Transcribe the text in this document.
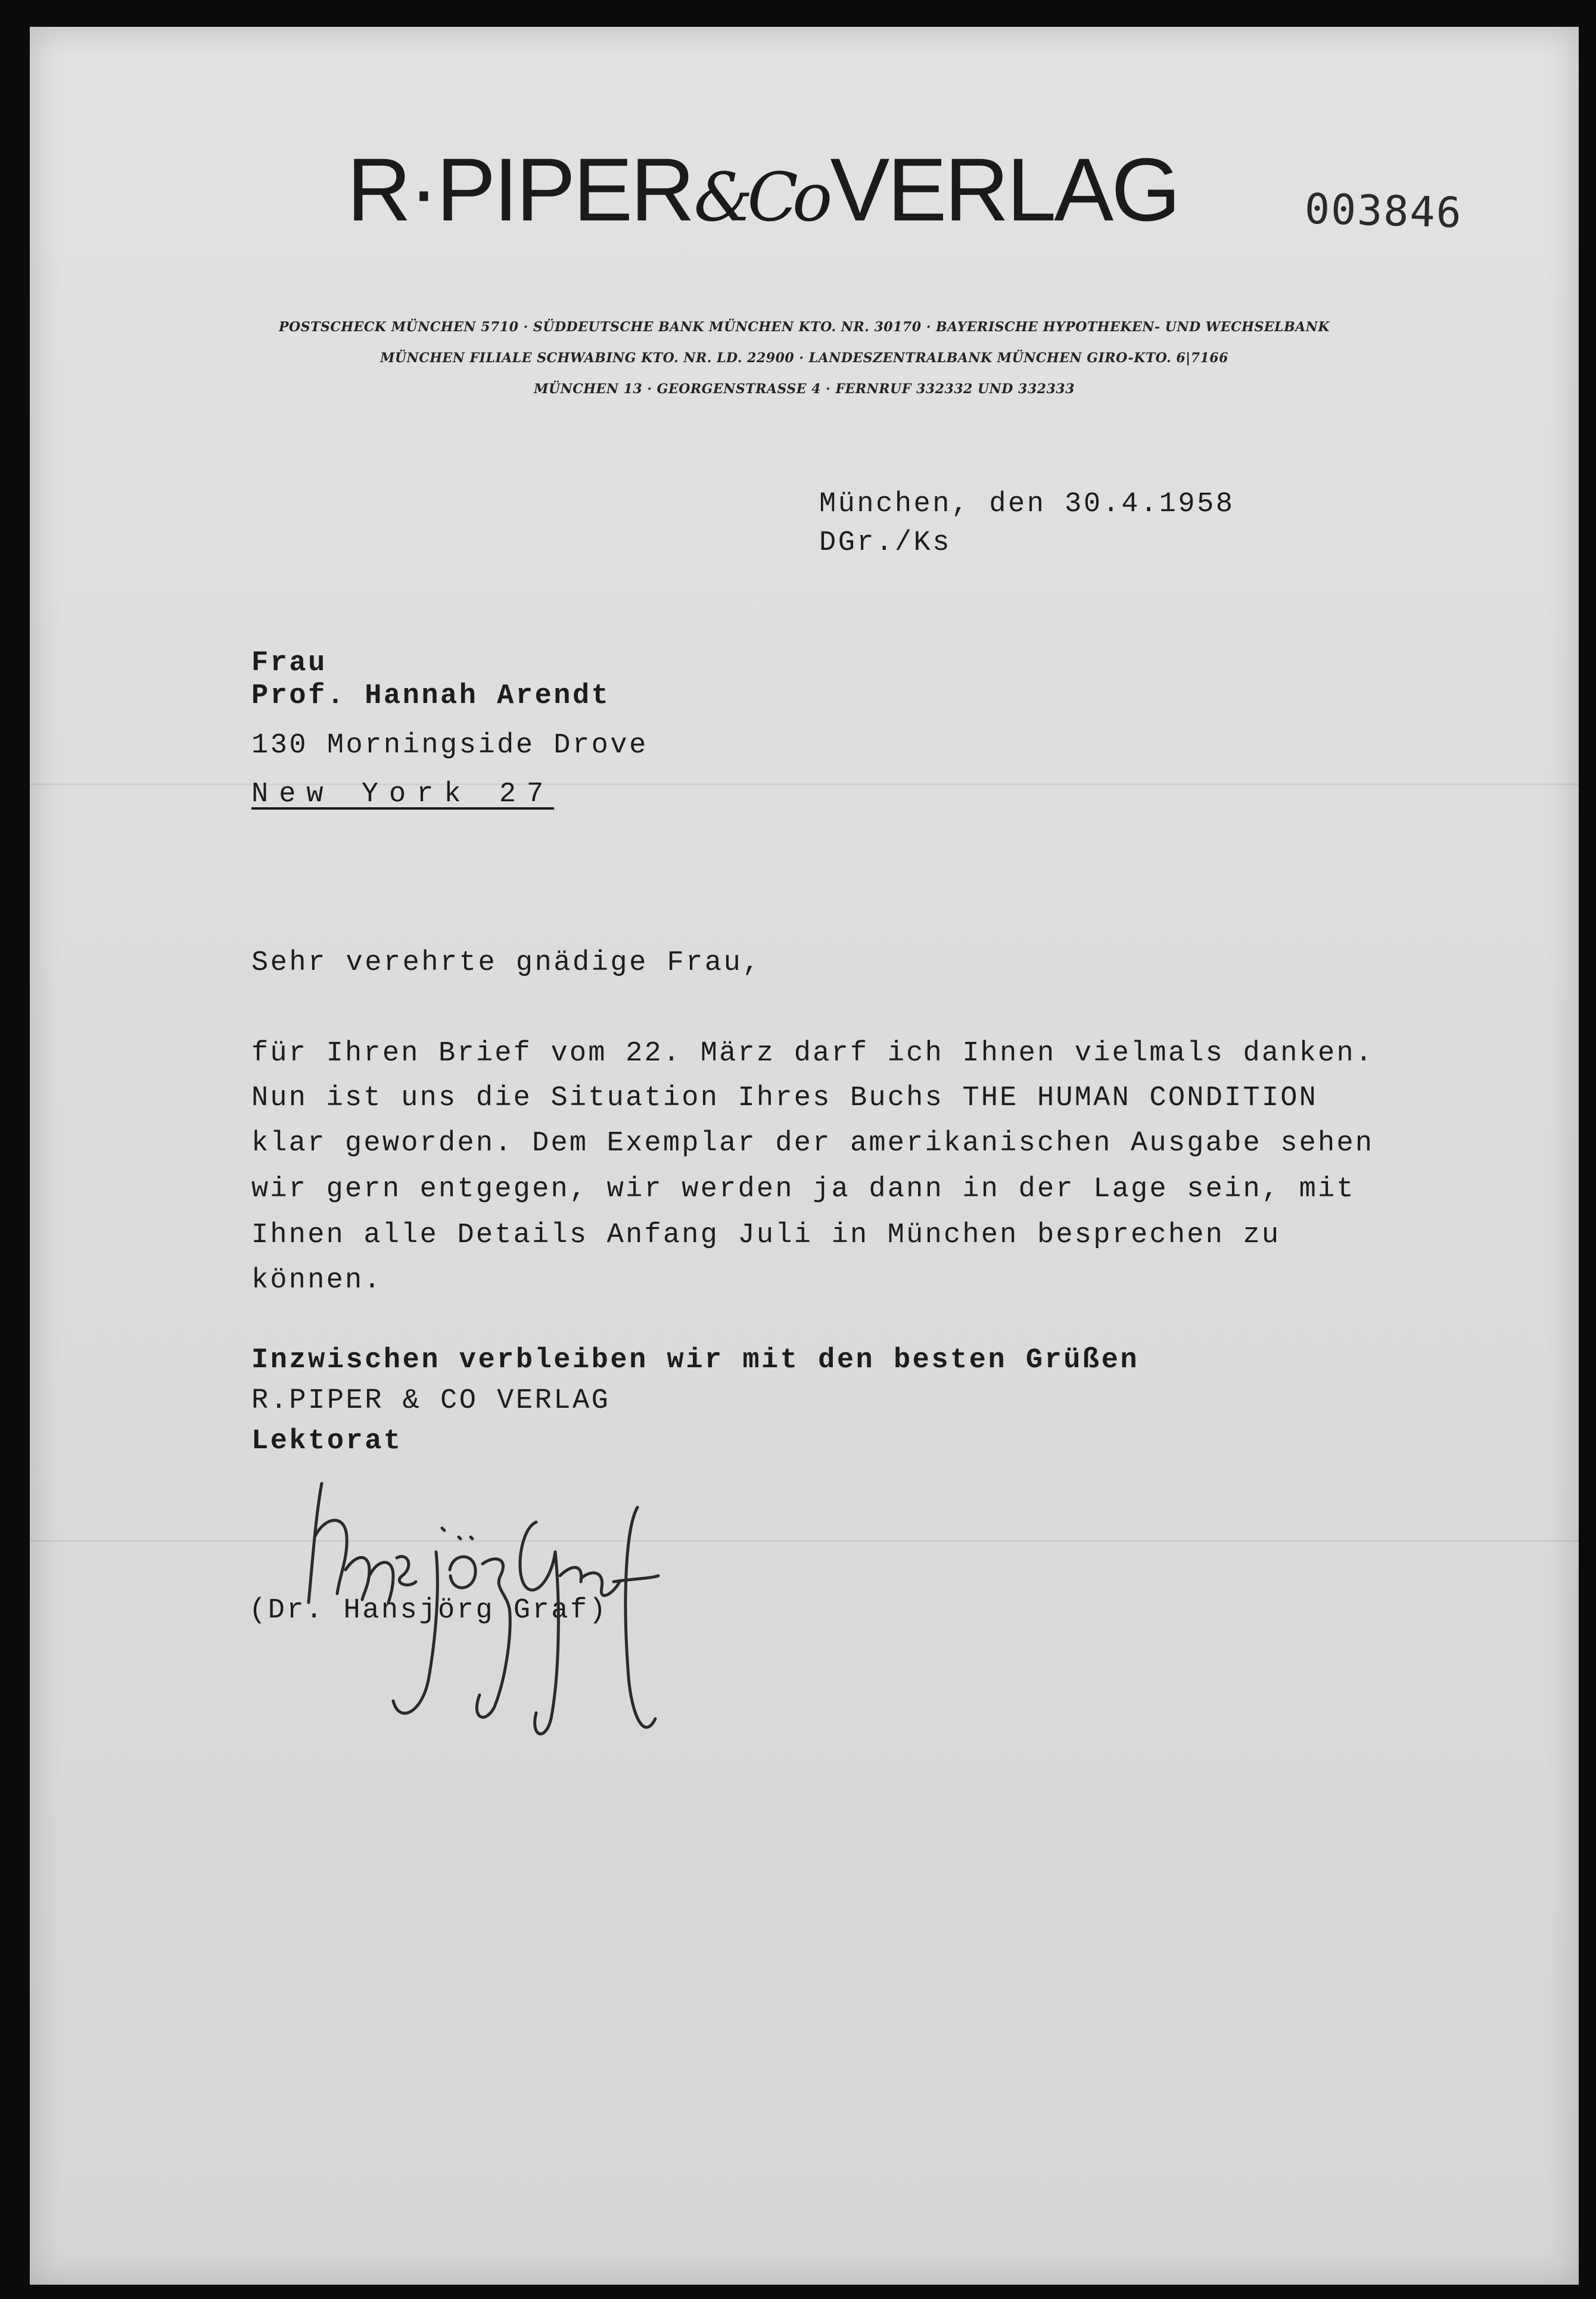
R·PIPER&CoVERLAG	003846
POSTSCHECK MÜNCHEN 5710 · SÜDDEUTSCHE BANK MÜNCHEN KTO. NR. 30170 · BAYERISCHE HYPOTHEKEN- UND WECHSELBANK
MÜNCHEN FILIALE SCHWABING KTO. NR. LD. 22900 · LANDESZENTRALBANK MÜNCHEN GIRO-KTO. 6|7166
MÜNCHEN 13 · GEORGENSTRASSE 4 · FERNRUF 332332 UND 332333
München, den 30.4.1958
DGr./Ks
Frau
Prof. Hannah Arendt
130 Morningside Drove
New York 27
Sehr verehrte gnädige Frau,
für Ihren Brief vom 22. März darf ich Ihnen vielmals danken.
Nun ist uns die Situation Ihres Buchs THE HUMAN CONDITION
klar geworden. Dem Exemplar der amerikanischen Ausgabe sehen
wir gern entgegen, wir werden ja dann in der Lage sein, mit
Ihnen alle Details Anfang Juli in München besprechen zu
können.
Inzwischen verbleiben wir mit den besten Grüßen
R.PIPER & CO VERLAG
Lektorat
(Dr. Hansjörg Graf)
